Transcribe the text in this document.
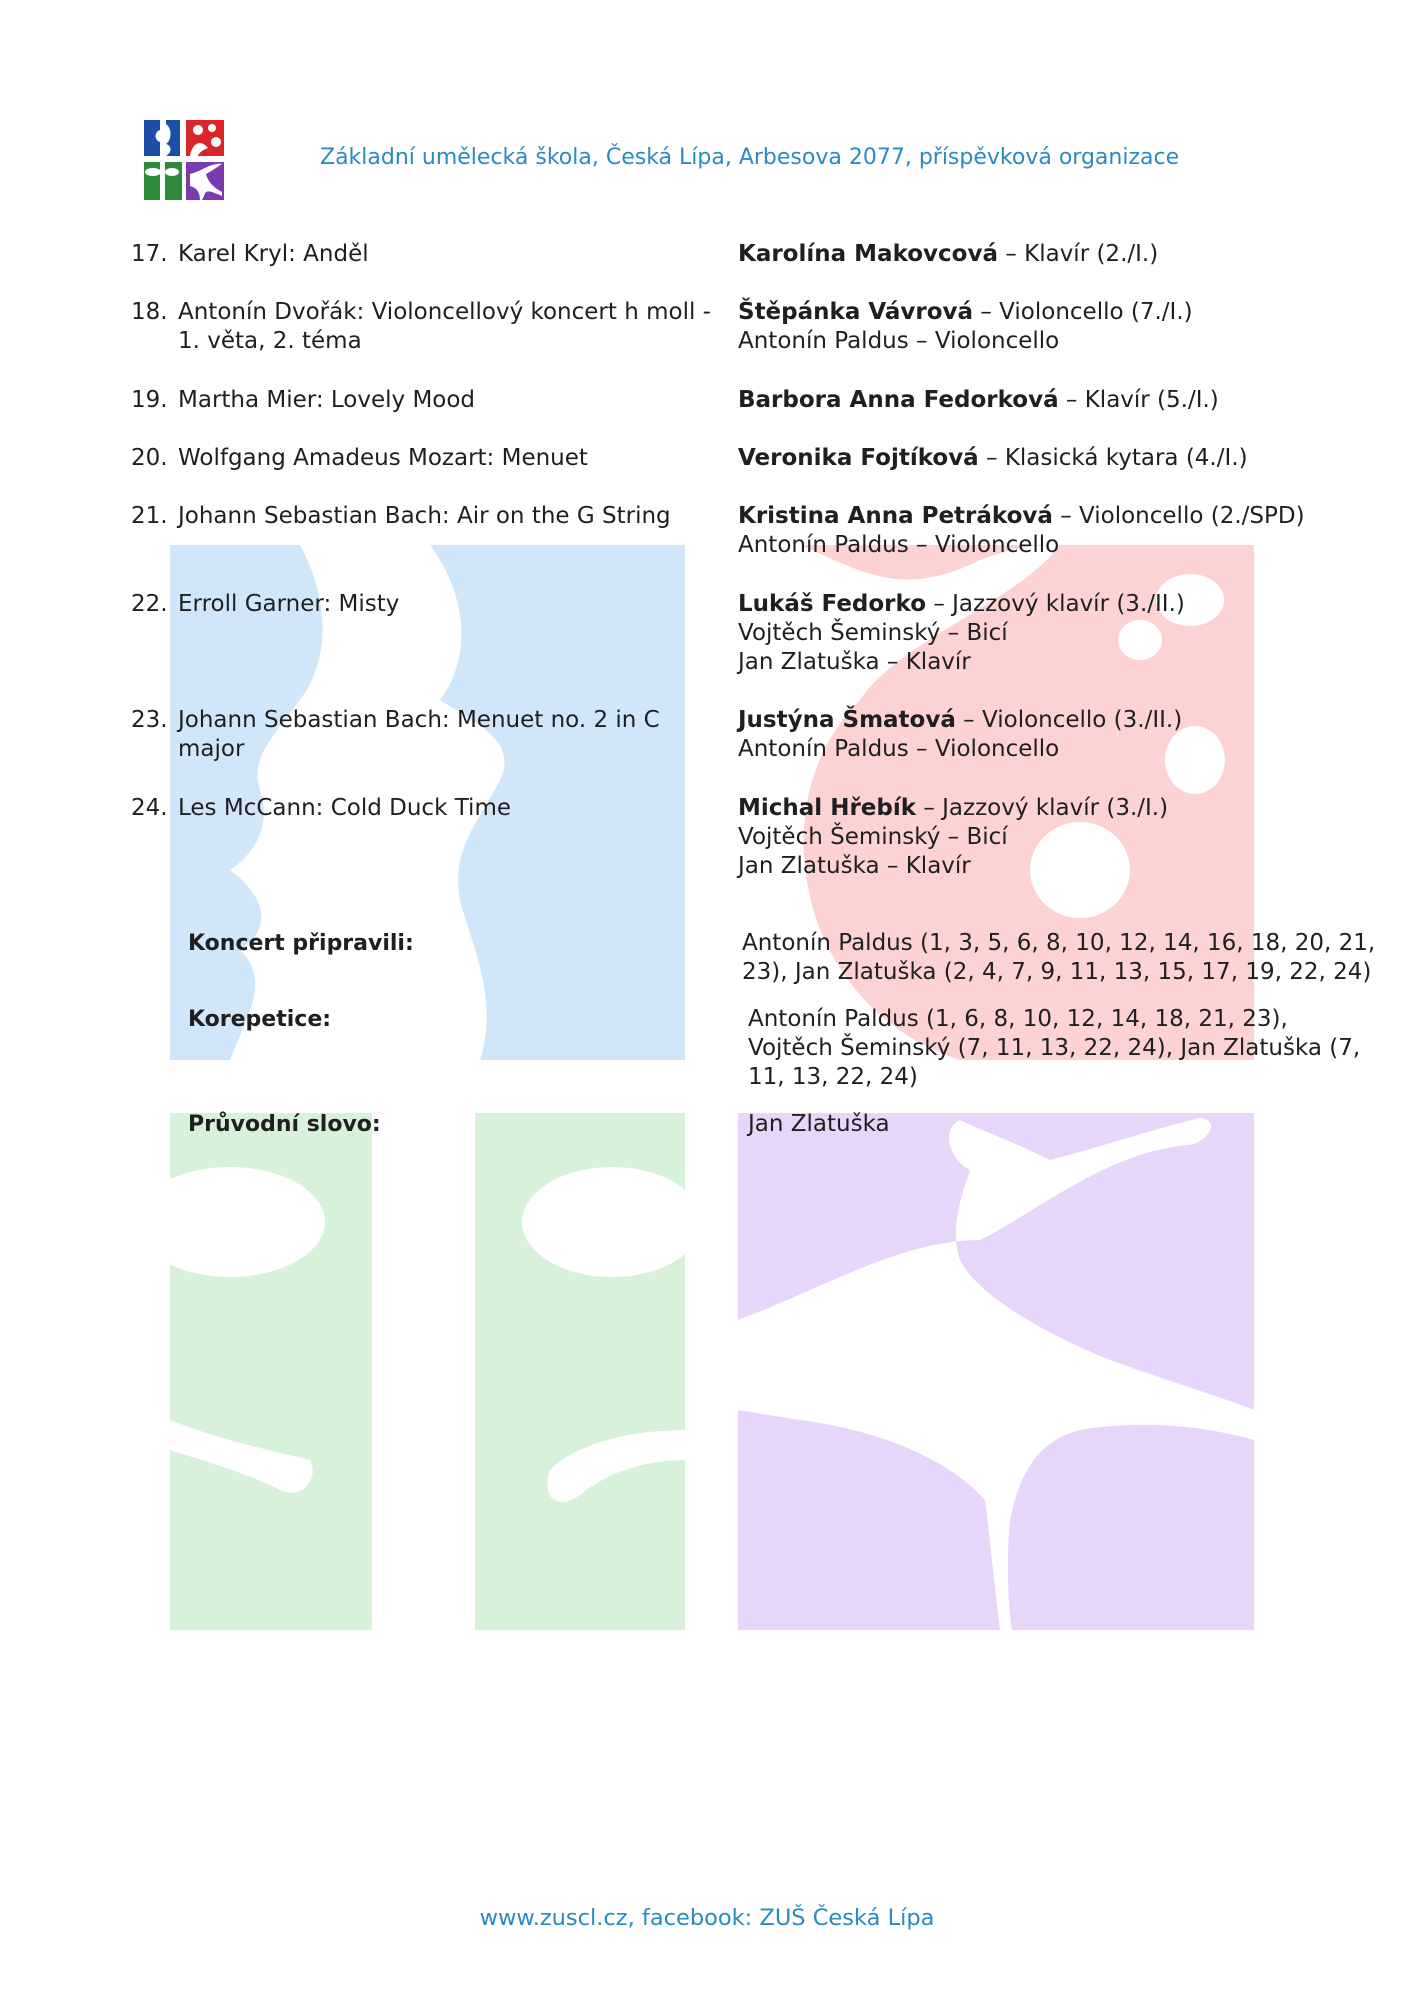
Základní umělecká škola, Česká Lípa, Arbesova 2077, příspěvková organizace
17. Karel Kryl: Anděl	Karolína Makovcová – Klavír (2./I.)
18. Antonín Dvořák: Violoncellový koncert h moll -
1. věta, 2. téma
Štěpánka Vávrová – Violoncello (7./I.)
Antonín Paldus – Violoncello
19. Martha Mier: Lovely Mood	Barbora Anna Fedorková – Klavír (5./I.)
20. Wolfgang Amadeus Mozart: Menuet	Veronika Fojtíková – Klasická kytara (4./I.)
21. Johann Sebastian Bach: Air on the G String	Kristina Anna Petráková – Violoncello (2./SPD)
Antonín Paldus – Violoncello
22. Erroll Garner: Misty	Lukáš Fedorko – Jazzový klavír (3./II.)
Vojtěch Šeminský – Bicí
Jan Zlatuška – Klavír
23. Johann Sebastian Bach: Menuet no. 2 in C
major
Justýna Šmatová – Violoncello (3./II.)
Antonín Paldus – Violoncello
24. Les McCann: Cold Duck Time	Michal Hřebík – Jazzový klavír (3./I.)
Vojtěch Šeminský – Bicí
Jan Zlatuška – Klavír
Koncert připravili:	Antonín Paldus (1, 3, 5, 6, 8, 10, 12, 14, 16, 18, 20, 21,
23), Jan Zlatuška (2, 4, 7, 9, 11, 13, 15, 17, 19, 22, 24)
Korepetice:	Antonín Paldus (1, 6, 8, 10, 12, 14, 18, 21, 23),
Vojtěch Šeminský (7, 11, 13, 22, 24), Jan Zlatuška (7,
11, 13, 22, 24)
Průvodní slovo:	Jan Zlatuška
www.zuscl.cz, facebook: ZUŠ Česká Lípa
